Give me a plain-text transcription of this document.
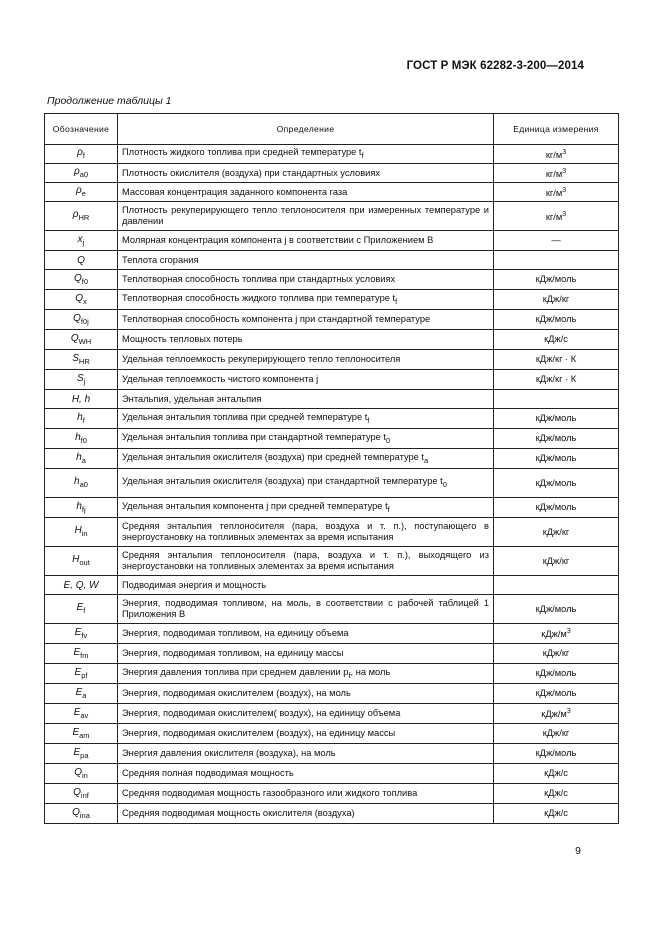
ГОСТ Р МЭК 62282-3-200—2014
Продолжение таблицы 1
Обозначение	Определение	Единица измерения
$\rho_f$	Плотность жидкого топлива при средней температуре $t_f$	$кг/м^3$
$\rho_{a0}$	Плотность окислителя (воздуха) при стандартных условиях	$кг/м^3$
$\rho_e$	Массовая концентрация заданного компонента газа	$кг/м^3$
$\rho_{HR}$	Плотность рекуперирующего тепло теплоносителя при измеренных температуре и давлении	$кг/м^3$
$x_j$	Молярная концентрация компонента j в соответствии с Приложением В	—
Q	Теплота сгорания	
$Q_{f0}$	Теплотворная способность топлива при стандартных условиях	кДж/моль
$Q_x$	Теплотворная способность жидкого топлива при температуре $t_f$	кДж/кг
$Q_{f0j}$	Теплотворная способность компонента j при стандартной температуре	кДж/моль
$Q_{WH}$	Мощность тепловых потерь	кДж/с
$S_{HR}$	Удельная теплоемкость рекуперирующего тепло теплоносителя	кДж/кг · К
$S_j$	Удельная теплоемкость чистого компонента j	кДж/кг · К
H, h	Энтальпия, удельная энтальпия	
$h_f$	Удельная энтальпия топлива при средней температуре $t_f$	кДж/моль
$h_{f0}$	Удельная энтальпия топлива при стандартной температуре $t_0$	кДж/моль
$h_a$	Удельная энтальпия окислителя (воздуха) при средней температуре $t_a$	кДж/моль
$h_{a0}$	Удельная энтальпия окислителя (воздуха) при стандартной температуре $t_0$	кДж/моль
$h_{fj}$	Удельная энтальпия компонента j при средней температуре $t_f$	кДж/моль
$H_{in}$	Средняя энтальпия теплоносителя (пара, воздуха и т. п.), поступающего в энергоустановку на топливных элементах за время испытания	кДж/кг
$H_{out}$	Средняя энтальпия теплоносителя (пара, воздуха и т. п.), выходящего из энергоустановки на топливных элементах за время испытания	кДж/кг
E, Q, W	Подводимая энергия и мощность	
$E_f$	Энергия, подводимая топливом, на моль, в соответствии с рабочей таблицей 1 Приложения В	кДж/моль
$E_{fv}$	Энергия, подводимая топливом, на единицу объема	кДж/$м^3$
$E_{fm}$	Энергия, подводимая топливом, на единицу массы	кДж/кг
$E_{pf}$	Энергия давления топлива при среднем давлении $p_f$, на моль	кДж/моль
$E_a$	Энергия, подводимая окислителем (воздух), на моль	кДж/моль
$E_{av}$	Энергия, подводимая окислителем( воздух), на единицу объема	кДж/$м^3$
$E_{am}$	Энергия, подводимая окислителем (воздух), на единицу массы	кДж/кг
$E_{pa}$	Энергия давления окислителя (воздуха), на моль	кДж/моль
$Q_{in}$	Средняя полная подводимая мощность	кДж/с
$Q_{inf}$	Средняя подводимая мощность газообразного или жидкого топлива	кДж/с
$Q_{ina}$	Средняя подводимая мощность окислителя (воздуха)	кДж/с
9
